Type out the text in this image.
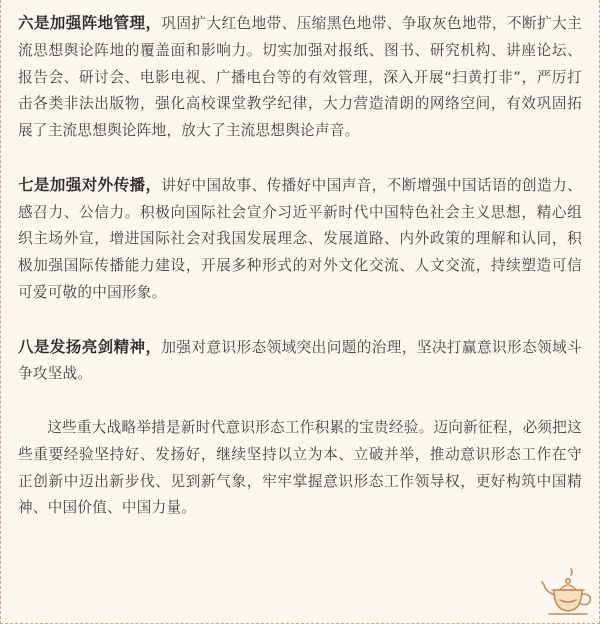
六是加强阵地管理，巩固扩大红色地带、压缩黑色地带、争取灰色地带，不断扩大主流思想舆论阵地的覆盖面和影响力。切实加强对报纸、图书、研究机构、讲座论坛、报告会、研讨会、电影电视、广播电台等的有效管理，深入开展“扫黄打非”，严厉打击各类非法出版物，强化高校课堂教学纪律，大力营造清朗的网络空间，有效巩固拓展了主流思想舆论阵地，放大了主流思想舆论声音。

七是加强对外传播，讲好中国故事、传播好中国声音，不断增强中国话语的创造力、感召力、公信力。积极向国际社会宣介习近平新时代中国特色社会主义思想，精心组织主场外宣，增进国际社会对我国发展理念、发展道路、内外政策的理解和认同，积极加强国际传播能力建设，开展多种形式的对外文化交流、人文交流，持续塑造可信可爱可敬的中国形象。

八是发扬亮剑精神，加强对意识形态领域突出问题的治理，坚决打赢意识形态领域斗争攻坚战。

这些重大战略举措是新时代意识形态工作积累的宝贵经验。迈向新征程，必须把这些重要经验坚持好、发扬好，继续坚持以立为本、立破并举，推动意识形态工作在守正创新中迈出新步伐、见到新气象，牢牢掌握意识形态工作领导权，更好构筑中国精神、中国价值、中国力量。
